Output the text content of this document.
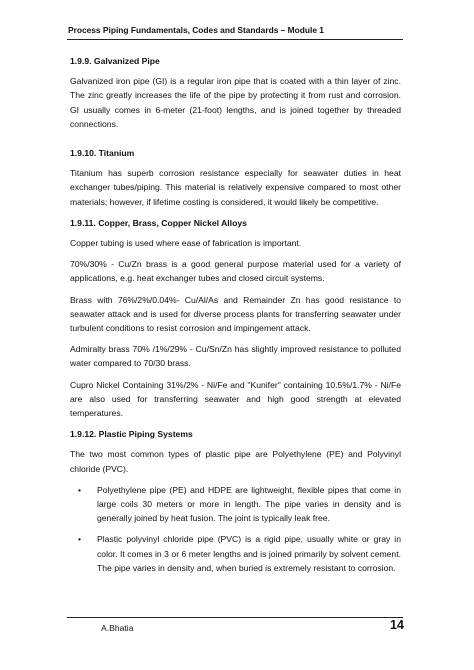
Process Piping Fundamentals, Codes and Standards – Module 1
1.9.9. Galvanized Pipe
Galvanized iron pipe (GI) is a regular iron pipe that is coated with a thin layer of zinc. The zinc greatly increases the life of the pipe by protecting it from rust and corrosion. GI usually comes in 6-meter (21-foot) lengths, and is joined together by threaded connections.
1.9.10. Titanium
Titanium has superb corrosion resistance especially for seawater duties in heat exchanger tubes/piping. This material is relatively expensive compared to most other materials; however, if lifetime costing is considered, it would likely be competitive.
1.9.11. Copper, Brass, Copper Nickel Alloys
Copper tubing is used where ease of fabrication is important.
70%/30% - Cu/Zn brass is a good general purpose material used for a variety of applications, e.g. heat exchanger tubes and closed circuit systems.
Brass with 76%/2%/0.04%- Cu/Al/As and Remainder Zn has good resistance to seawater attack and is used for diverse process plants for transferring seawater under turbulent conditions to resist corrosion and impingement attack.
Admiralty brass 70% /1%/29% - Cu/Sn/Zn has slightly improved resistance to polluted water compared to 70/30 brass.
Cupro Nickel Containing 31%/2% - Ni/Fe and "Kunifer" containing 10.5%/1.7% - Ni/Fe are also used for transferring seawater and high good strength at elevated temperatures.
1.9.12. Plastic Piping Systems
The two most common types of plastic pipe are Polyethylene (PE) and Polyvinyl chloride (PVC).
• Polyethylene pipe (PE) and HDPE are lightweight, flexible pipes that come in large coils 30 meters or more in length. The pipe varies in density and is generally joined by heat fusion. The joint is typically leak free.
• Plastic polyvinyl chloride pipe (PVC) is a rigid pipe, usually white or gray in color. It comes in 3 or 6 meter lengths and is joined primarily by solvent cement. The pipe varies in density and, when buried is extremely resistant to corrosion.
A.Bhatia	14
